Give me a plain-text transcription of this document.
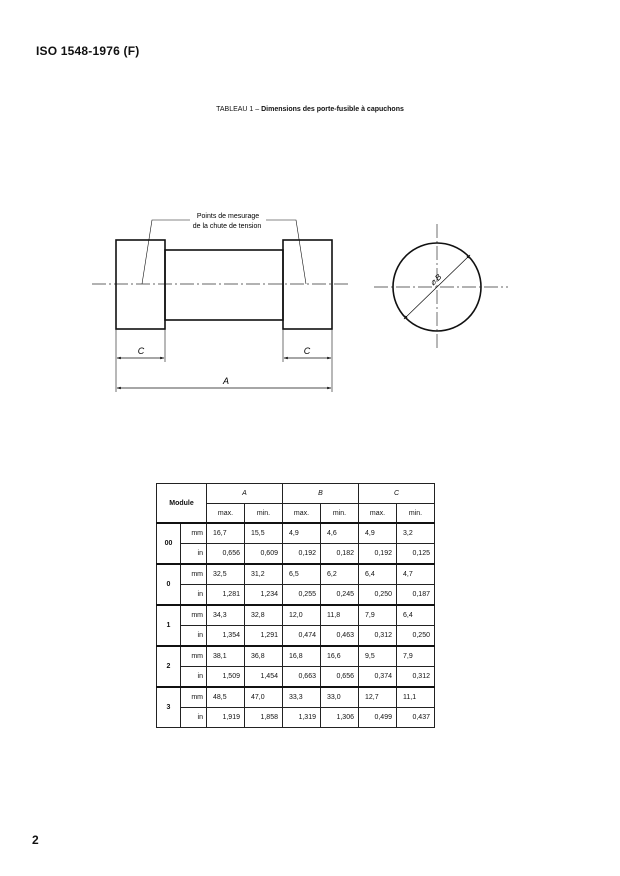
ISO 1548-1976 (F)
TABLEAU 1 – Dimensions des porte-fusible à capuchons
Points de mesurage
de la chute de tension
C	C
A
⌀ B
Module		A		B		C	
		max.	min.	max.	min.	max.	min.
00	mm	16,7	15,5	4,9	4,6	4,9	3,2
	in	0,656	0,609	0,192	0,182	0,192	0,125
0	mm	32,5	31,2	6,5	6,2	6,4	4,7
	in	1,281	1,234	0,255	0,245	0,250	0,187
1	mm	34,3	32,8	12,0	11,8	7,9	6,4
	in	1,354	1,291	0,474	0,463	0,312	0,250
2	mm	38,1	36,8	16,8	16,6	9,5	7,9
	in	1,509	1,454	0,663	0,656	0,374	0,312
3	mm	48,5	47,0	33,3	33,0	12,7	11,1
	in	1,919	1,858	1,319	1,306	0,499	0,437
2
